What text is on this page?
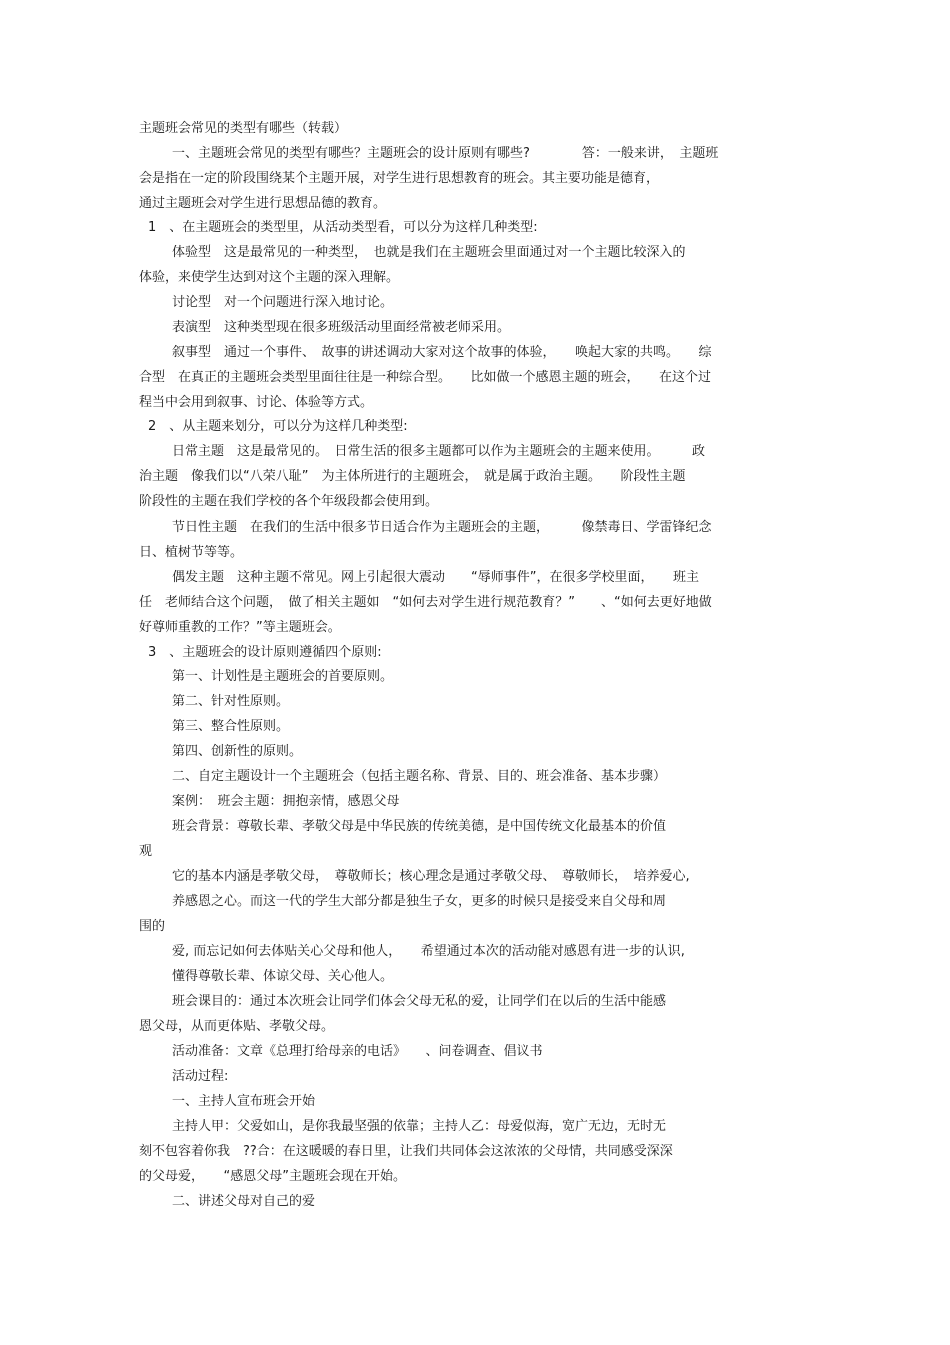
主题班会常见的类型有哪些（转载）
一、主题班会常见的类型有哪些？主题班会的设计原则有哪些?　　　　答：一般来讲，　主题班
会是指在一定的阶段围绕某个主题开展，对学生进行思想教育的班会。其主要功能是德育，
通过主题班会对学生进行思想品德的教育。
1　、在主题班会的类型里，从活动类型看，可以分为这样几种类型:
体验型　这是最常见的一种类型，　也就是我们在主题班会里面通过对一个主题比较深入的
体验，来使学生达到对这个主题的深入理解。
讨论型　对一个问题进行深入地讨论。
表演型　这种类型现在很多班级活动里面经常被老师采用。
叙事型　通过一个事件、　故事的讲述调动大家对这个故事的体验，　　唤起大家的共鸣。　　综
合型　在真正的主题班会类型里面往往是一种综合型。　　比如做一个感恩主题的班会，　　在这个过
程当中会用到叙事、讨论、体验等方式。
2　、从主题来划分，可以分为这样几种类型:
日常主题　这是最常见的。　日常生活的很多主题都可以作为主题班会的主题来使用。　　　政
治主题　像我们以“八荣八耻”　为主体所进行的主题班会，　就是属于政治主题。　　阶段性主题
阶段性的主题在我们学校的各个年级段都会使用到。
节日性主题　在我们的生活中很多节日适合作为主题班会的主题，　　　像禁毒日、学雷锋纪念
日、植树节等等。
偶发主题　这种主题不常见。网上引起很大震动　　“辱师事件”，在很多学校里面，　　班主
任　老师结合这个问题，　做了相关主题如　“如何去对学生进行规范教育？”　　、“如何去更好地做
好尊师重教的工作？”等主题班会。
3　、主题班会的设计原则遵循四个原则:
第一、计划性是主题班会的首要原则。
第二、针对性原则。
第三、整合性原则。
第四、创新性的原则。
二、自定主题设计一个主题班会（包括主题名称、背景、目的、班会准备、基本步骤）
案例：　班会主题：拥抱亲情，感恩父母
班会背景：尊敬长辈、孝敬父母是中华民族的传统美德，是中国传统文化最基本的价值
观
它的基本内涵是孝敬父母，　尊敬师长；核心理念是通过孝敬父母、　尊敬师长，　培养爱心,
养感恩之心。而这一代的学生大部分都是独生子女，更多的时候只是接受来自父母和周
围的
爱, 而忘记如何去体贴关心父母和他人，　　希望通过本次的活动能对感恩有进一步的认识,
懂得尊敬长辈、体谅父母、关心他人。
班会课目的：通过本次班会让同学们体会父母无私的爱，让同学们在以后的生活中能感
恩父母，从而更体贴、孝敬父母。
活动准备：文章《总理打给母亲的电话》　　、问卷调查、倡议书
活动过程:
一、主持人宣布班会开始
主持人甲：父爱如山，是你我最坚强的依靠；主持人乙：母爱似海，宽广无边，无时无
刻不包容着你我　??合：在这暖暖的春日里，让我们共同体会这浓浓的父母情，共同感受深深
的父母爱，　　“感恩父母”主题班会现在开始。
二、讲述父母对自己的爱
